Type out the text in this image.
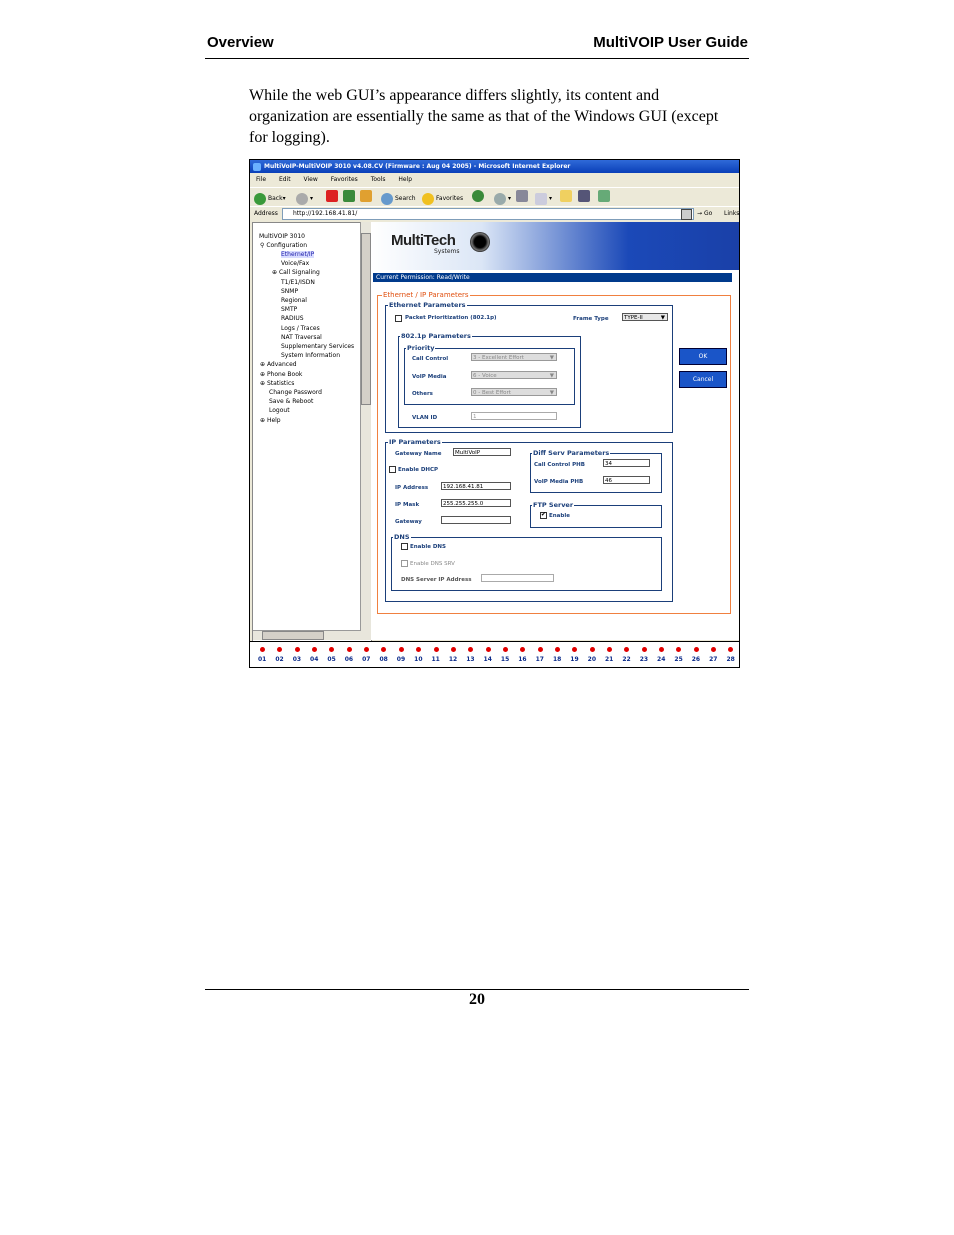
Overview	MultiVOIP User Guide
While the web GUI’s appearance differs slightly, its content and organization are essentially the same as that of the Windows GUI (except for logging).
MultiVoIP-MultiVOIP 3010 v4.08.CV (Firmware : Aug 04 2005) - Microsoft Internet Explorer
File Edit View Favorites Tools Help
Back ▾	▾	Search	Favorites	▾	▾
Address	http://192.168.41.81/	→ Go Links
MultiVOIP 3010
⚲ Configuration
Ethernet/IP
Voice/Fax
⊕ Call Signaling
T1/E1/ISDN
SNMP
Regional
SMTP
RADIUS
Logs / Traces
NAT Traversal
Supplementary Services
System Information
⊕ Advanced
⊕ Phone Book
⊕ Statistics
Change Password
Save & Reboot
Logout
⊕ Help
MultiTech
Systems
Current Permission: Read/Write
Ethernet / IP Parameters
Ethernet Parameters
Packet Prioritization (802.1p)	Frame Type	TYPE-II	▼
802.1p Parameters
Priority
Call Control	3 - Excellent Effort	▼
VoIP Media	6 - Voice	▼
Others	0 - Best Effort	▼
VLAN ID	1
IP Parameters
Gateway Name	MultiVoIP
Enable DHCP
IP Address	192.168.41.81
IP Mask	255.255.255.0
Gateway
Diff Serv Parameters
Call Control PHB	34
VoIP Media PHB	46
FTP Server
✔
Enable
DNS
Enable DNS
Enable DNS SRV
DNS Server IP Address
OK
Cancel
01 02 03 04 05 06 07 08 09 10 11 12 13 14 15 16 17 18 19 20 21 22 23 24 25 26 27 28
20
